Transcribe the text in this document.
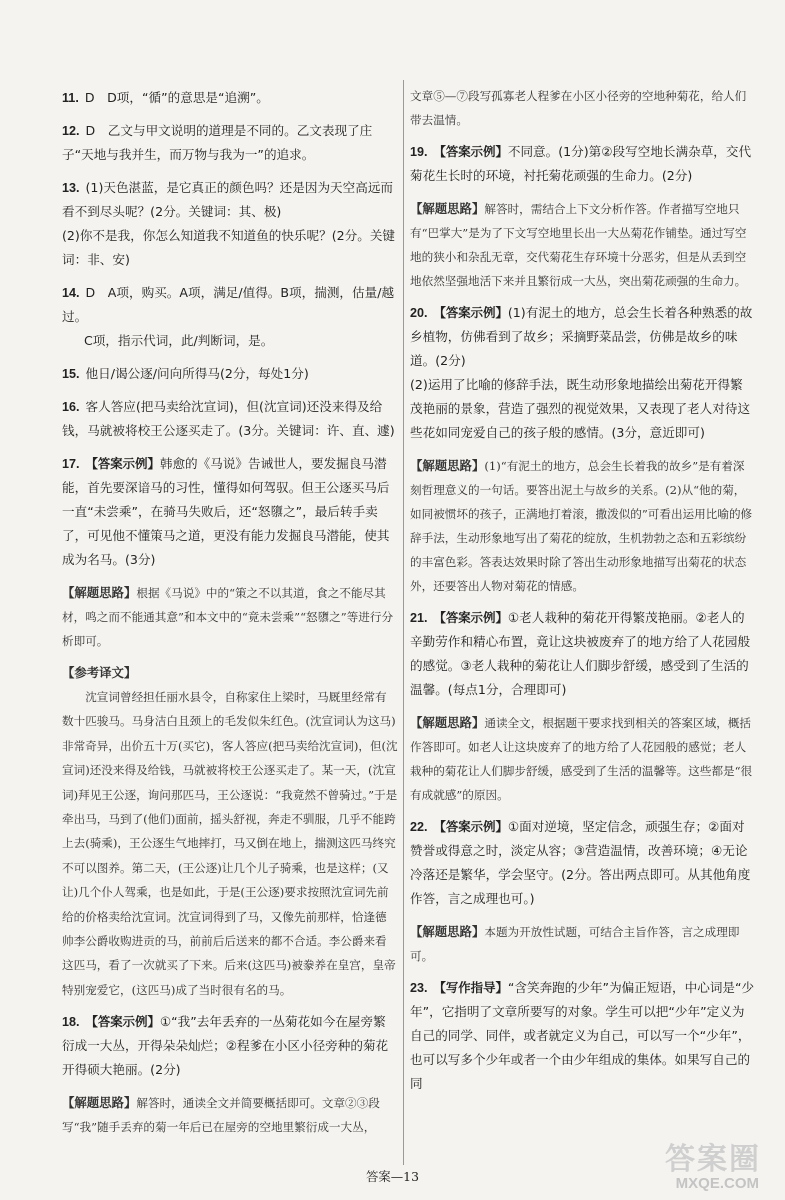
11. D　D项，“循”的意思是“追溯”。
12. D　乙文与甲文说明的道理是不同的。乙文表现了庄子“天地与我并生，而万物与我为一”的追求。
13. (1)天色湛蓝，是它真正的颜色吗？还是因为天空高远而看不到尽头呢？(2分。关键词：其、极)
(2)你不是我，你怎么知道我不知道鱼的快乐呢？(2分。关键词：非、安)
14. D　A项，购买。A项，满足/值得。B项，揣测，估量/越过。
C项，指示代词，此/判断词，是。
15. 他日/谒公逐/问向所得马(2分，每处1分)
16. 客人答应(把马卖给沈宣词)，但(沈宣词)还没来得及给钱，马就被将校王公逐买走了。(3分。关键词：许、直、遽)
17. 【答案示例】韩愈的《马说》告诫世人，要发掘良马潜能，首先要深谙马的习性，懂得如何驾驭。但王公逐买马后一直“未尝乘”，在骑马失败后，还“怒隳之”，最后转手卖了，可见他不懂策马之道，更没有能力发掘良马潜能，使其成为名马。(3分)
【解题思路】根据《马说》中的“策之不以其道，食之不能尽其材，鸣之而不能通其意”和本文中的“竟未尝乘”“怒隳之”等进行分析即可。
【参考译文】
沈宣词曾经担任丽水县令，自称家住上梁时，马厩里经常有数十匹骏马。马身洁白且颈上的毛发似朱红色。(沈宣词认为这马)非常奇异，出价五十万(买它)，客人答应(把马卖给沈宣词)，但(沈宣词)还没来得及给钱，马就被将校王公逐买走了。某一天，(沈宣词)拜见王公逐，询问那匹马，王公逐说：“我竟然不曾骑过。”于是牵出马，马到了(他们)面前，摇头舒视，奔走不驯服，几乎不能跨上去(骑乘)，王公逐生气地摔打，马又倒在地上，揣测这匹马终究不可以图养。第二天，(王公逐)让几个儿子骑乘，也是这样；(又让)几个仆人驾乘，也是如此，于是(王公逐)要求按照沈宣词先前给的价格卖给沈宣词。沈宣词得到了马，又像先前那样，恰逢德帅李公爵收购进贡的马，前前后后送来的都不合适。李公爵来看这匹马，看了一次就买了下来。后来(这匹马)被豢养在皇宫，皇帝特别宠爱它，(这匹马)成了当时很有名的马。
18. 【答案示例】①“我”去年丢弃的一丛菊花如今在屋旁繁衍成一大丛，开得朵朵灿烂；②程爹在小区小径旁种的菊花开得硕大艳丽。(2分)
【解题思路】解答时，通读全文并简要概括即可。文章②③段写“我”随手丢弃的菊一年后已在屋旁的空地里繁衍成一大丛，
文章⑤—⑦段写孤寡老人程爹在小区小径旁的空地种菊花，给人们带去温情。
19. 【答案示例】不同意。(1分)第②段写空地长满杂草，交代菊花生长时的环境，衬托菊花顽强的生命力。(2分)
【解题思路】解答时，需结合上下文分析作答。作者描写空地只有“巴掌大”是为了下文写空地里长出一大丛菊花作铺垫。通过写空地的狭小和杂乱无章，交代菊花生存环境十分恶劣，但是从丢到空地依然坚强地活下来并且繁衍成一大丛，突出菊花顽强的生命力。
20. 【答案示例】(1)有泥土的地方，总会生长着各种熟悉的故乡植物，仿佛看到了故乡；采摘野菜品尝，仿佛是故乡的味道。(2分)
(2)运用了比喻的修辞手法，既生动形象地描绘出菊花开得繁茂艳丽的景象，营造了强烈的视觉效果，又表现了老人对待这些花如同宠爱自己的孩子般的感情。(3分，意近即可)
【解题思路】(1)“有泥土的地方，总会生长着我的故乡”是有着深刻哲理意义的一句话。要答出泥土与故乡的关系。(2)从“他的菊，如同被惯坏的孩子，正满地打着滚，撒泼似的”可看出运用比喻的修辞手法，生动形象地写出了菊花的绽放，生机勃勃之态和五彩缤纷的丰富色彩。答表达效果时除了答出生动形象地描写出菊花的状态外，还要答出人物对菊花的情感。
21. 【答案示例】①老人栽种的菊花开得繁茂艳丽。②老人的辛勤劳作和精心布置，竟让这块被废弃了的地方给了人花园般的感觉。③老人栽种的菊花让人们脚步舒缓，感受到了生活的温馨。(每点1分，合理即可)
【解题思路】通读全文，根据题干要求找到相关的答案区域，概括作答即可。如老人让这块废弃了的地方给了人花园般的感觉；老人栽种的菊花让人们脚步舒缓，感受到了生活的温馨等。这些都是“很有成就感”的原因。
22. 【答案示例】①面对逆境，坚定信念，顽强生存；②面对赞誉或得意之时，淡定从容；③营造温情，改善环境；④无论冷落还是繁华，学会坚守。(2分。答出两点即可。从其他角度作答，言之成理也可。)
【解题思路】本题为开放性试题，可结合主旨作答，言之成理即可。
23. 【写作指导】“含笑奔跑的少年”为偏正短语，中心词是“少年”，它指明了文章所要写的对象。学生可以把“少年”定义为自己的同学、同伴，或者就定义为自己，可以写一个“少年”，也可以写多个少年或者一个由少年组成的集体。如果写自己的同
答案—13	答案圈
MXQE.COM
